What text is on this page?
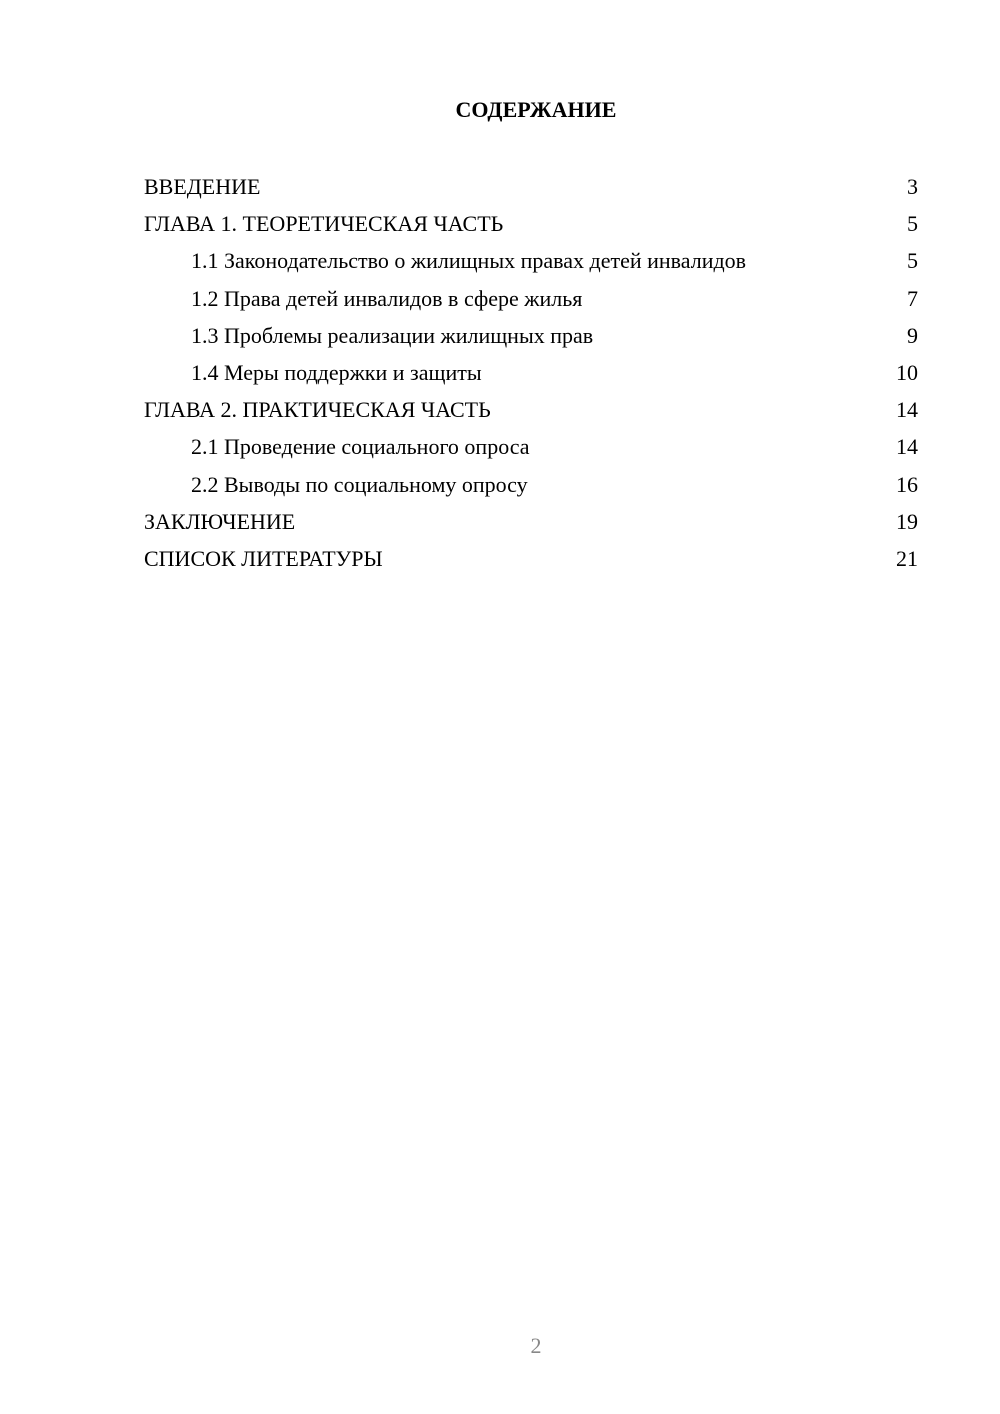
СОДЕРЖАНИЕ
ВВЕДЕНИЕ	3
ГЛАВА 1. ТЕОРЕТИЧЕСКАЯ ЧАСТЬ	5
1.1 Законодательство о жилищных правах детей инвалидов	5
1.2 Права детей инвалидов в сфере жилья	7
1.3 Проблемы реализации жилищных прав	9
1.4 Меры поддержки и защиты	10
ГЛАВА 2. ПРАКТИЧЕСКАЯ ЧАСТЬ	14
2.1 Проведение социального опроса	14
2.2 Выводы по социальному опросу	16
ЗАКЛЮЧЕНИЕ	19
СПИСОК ЛИТЕРАТУРЫ	21
2
